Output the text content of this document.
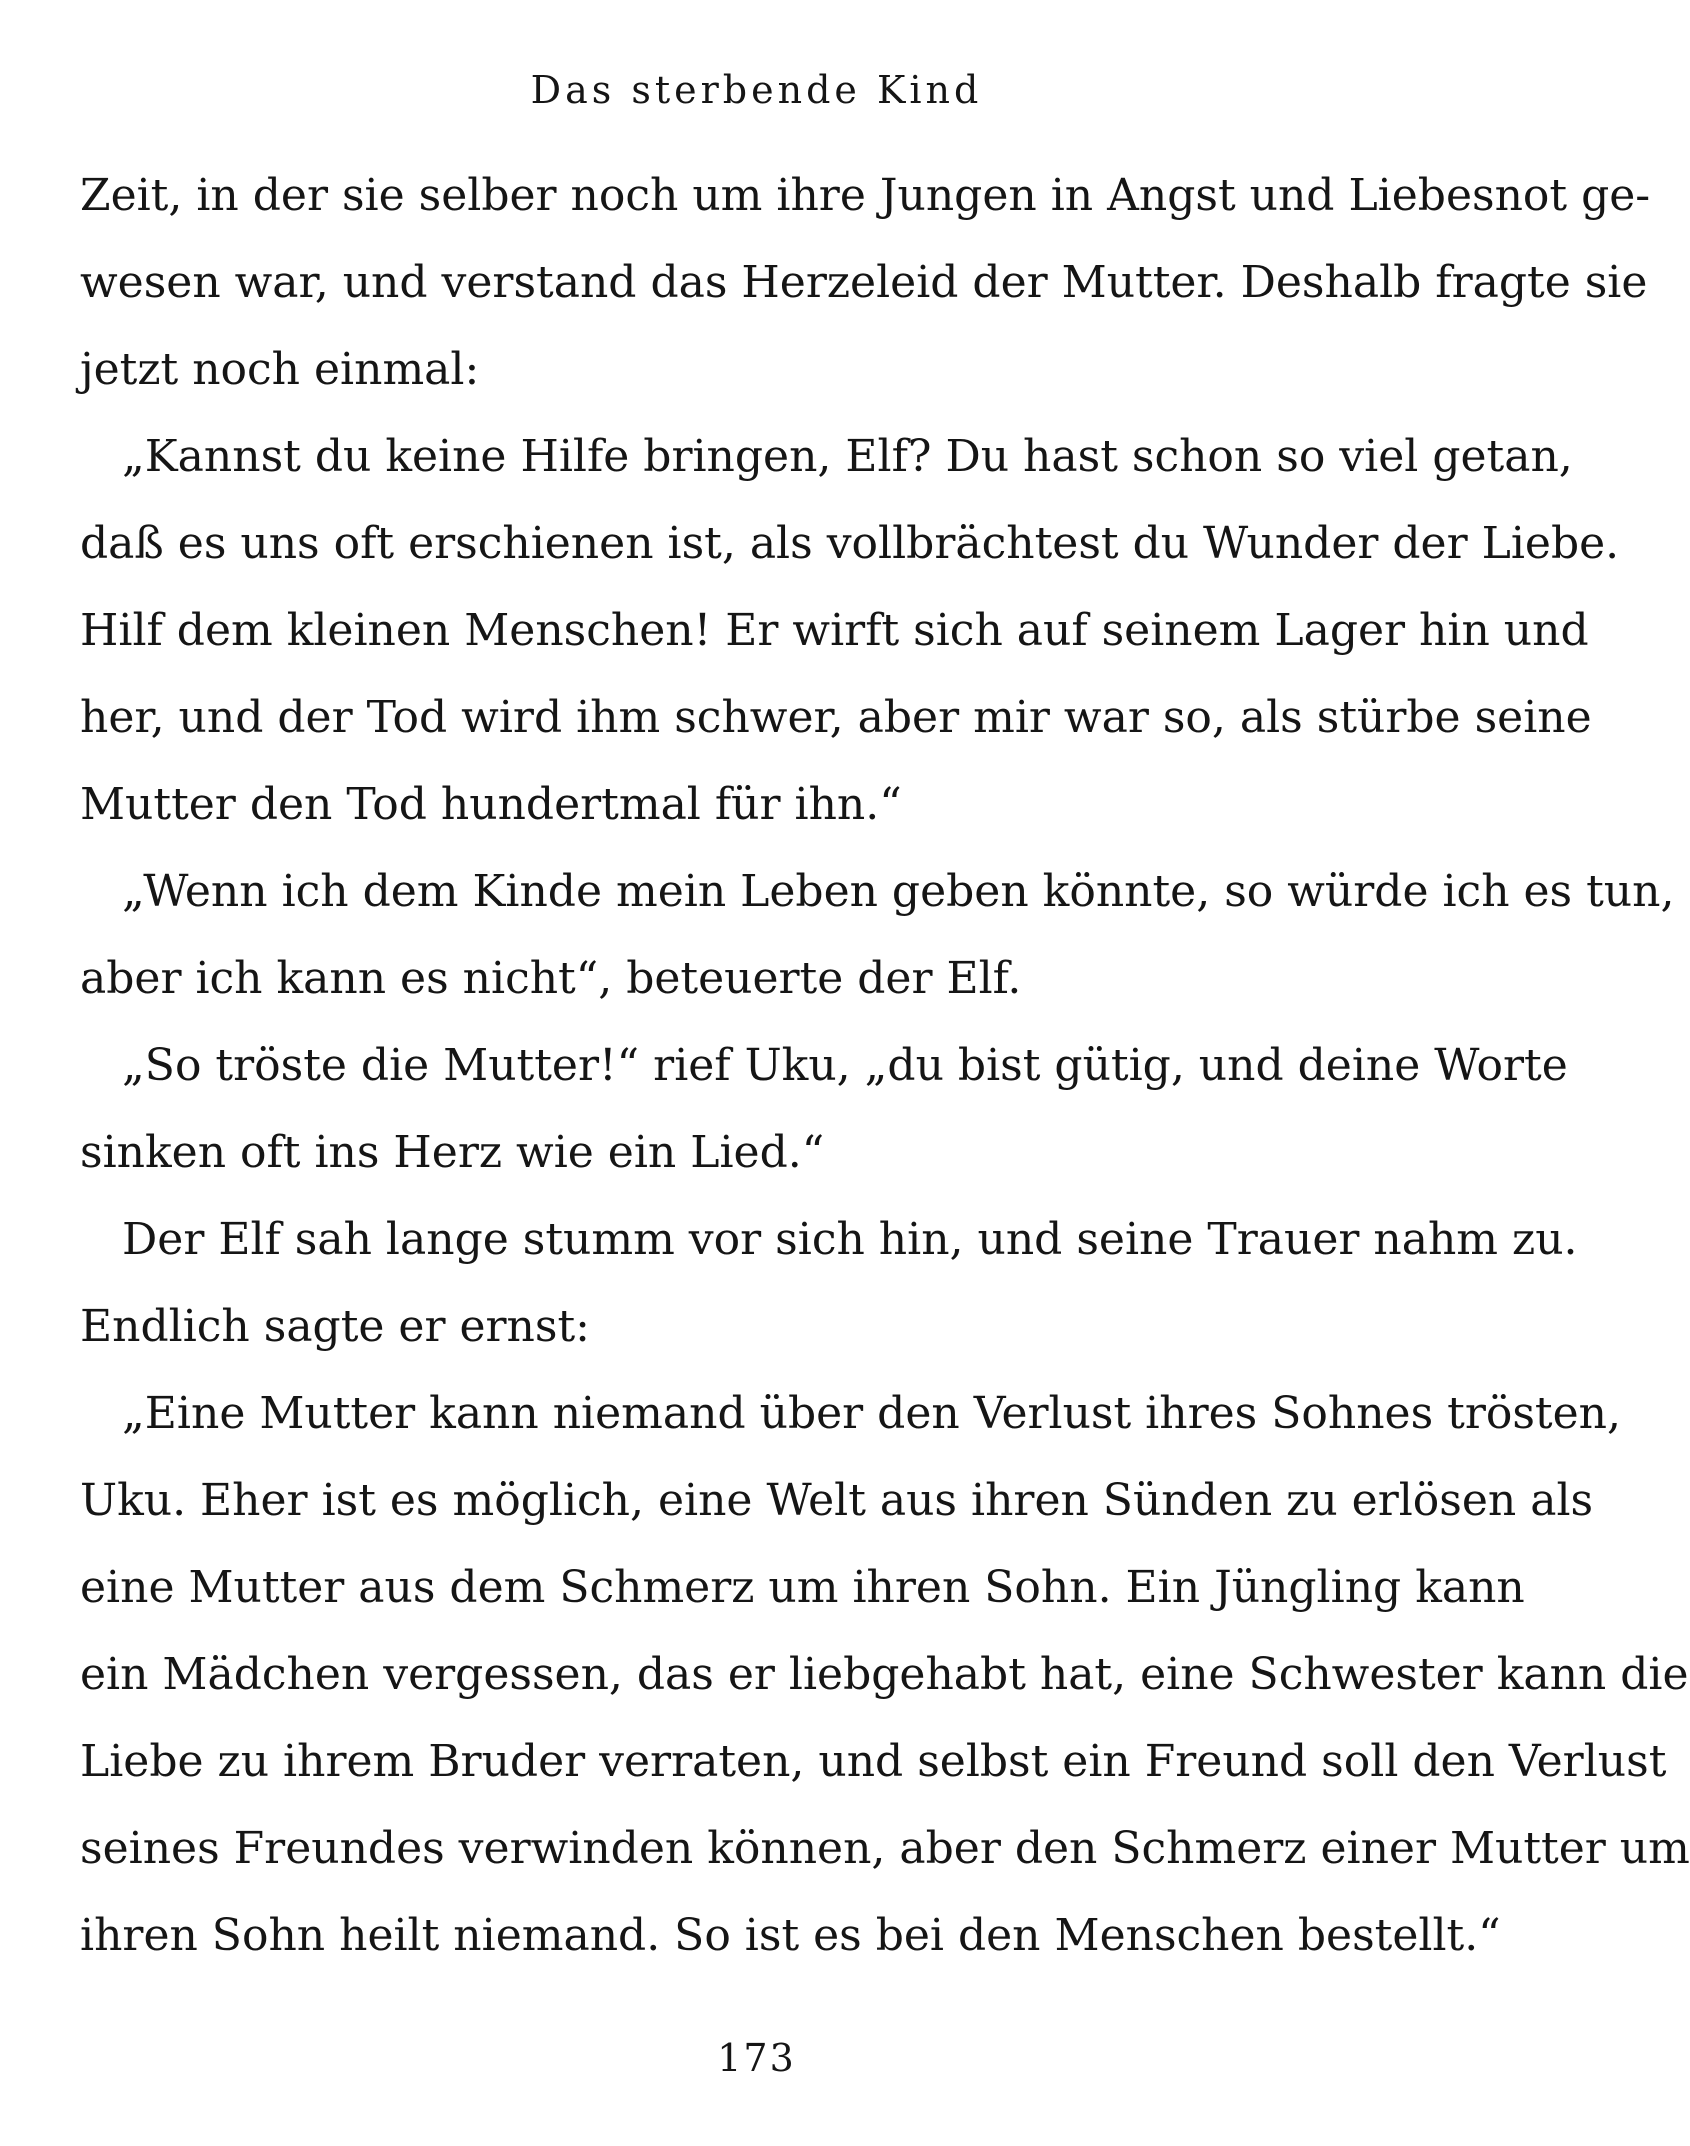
Das sterbende Kind
Zeit, in der sie selber noch um ihre Jungen in Angst und Liebesnot ge-
wesen war, und verstand das Herzeleid der Mutter. Deshalb fragte sie
jetzt noch einmal:
„Kannst du keine Hilfe bringen, Elf? Du hast schon so viel getan,
daß es uns oft erschienen ist, als vollbrächtest du Wunder der Liebe.
Hilf dem kleinen Menschen! Er wirft sich auf seinem Lager hin und
her, und der Tod wird ihm schwer, aber mir war so, als stürbe seine
Mutter den Tod hundertmal für ihn.“
„Wenn ich dem Kinde mein Leben geben könnte, so würde ich es tun,
aber ich kann es nicht“, beteuerte der Elf.
„So tröste die Mutter!“ rief Uku, „du bist gütig, und deine Worte
sinken oft ins Herz wie ein Lied.“
Der Elf sah lange stumm vor sich hin, und seine Trauer nahm zu.
Endlich sagte er ernst:
„Eine Mutter kann niemand über den Verlust ihres Sohnes trösten,
Uku. Eher ist es möglich, eine Welt aus ihren Sünden zu erlösen als
eine Mutter aus dem Schmerz um ihren Sohn. Ein Jüngling kann
ein Mädchen vergessen, das er liebgehabt hat, eine Schwester kann die
Liebe zu ihrem Bruder verraten, und selbst ein Freund soll den Verlust
seines Freundes verwinden können, aber den Schmerz einer Mutter um
ihren Sohn heilt niemand. So ist es bei den Menschen bestellt.“
173
